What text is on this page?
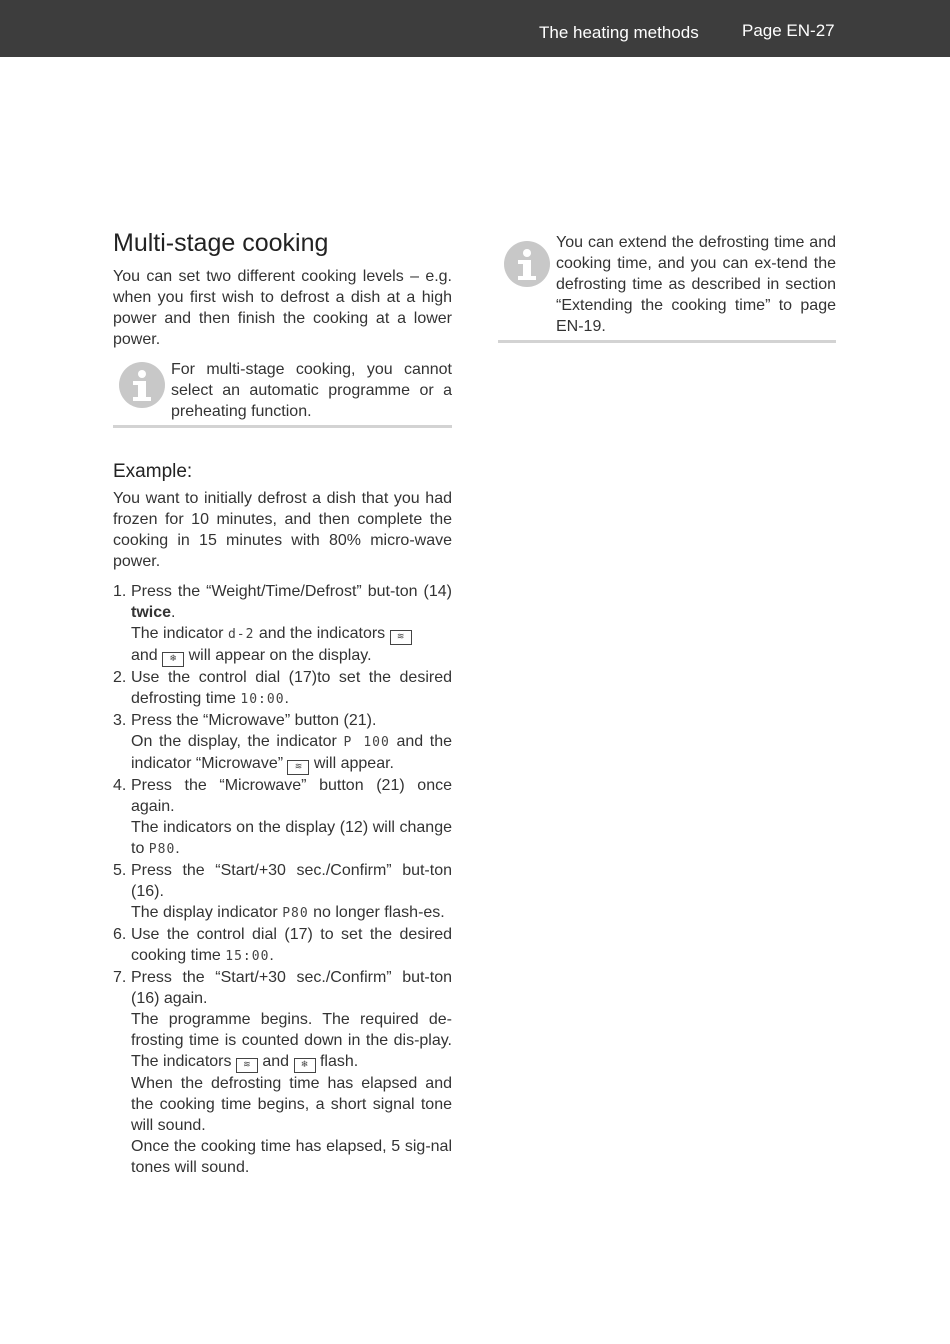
The heating methods	Page EN-27
Multi-stage cooking

You can set two different cooking levels – e.g. when you first wish to defrost a dish at a high power and then finish the cooking at a lower power.

For multi-stage cooking, you cannot select an automatic programme or a preheating function.
Example:

You want to initially defrost a dish that you had frozen for 10 minutes, and then complete the cooking in 15 minutes with 80% micro-wave power.

1. Press the “Weight/Time/Defrost” but-ton (14) twice.
The indicator d-2 and the indicators ≋
and ❄ will appear on the display.
2. Use the control dial (17)to set the desired defrosting time 10:00.
3. Press the “Microwave” button (21).
On the display, the indicator P 100 and the indicator “Microwave” ≋ will appear.
4. Press the “Microwave” button (21) once again.
The indicators on the display (12) will change to P80.
5. Press the “Start/+30 sec./Confirm” but-ton (16).
The display indicator P80 no longer flash-es.
6. Use the control dial (17) to set the desired cooking time 15:00.
7. Press the “Start/+30 sec./Confirm” but-ton (16) again.
The programme begins. The required de-frosting time is counted down in the dis-play. The indicators ≋ and ❄ flash.
When the defrosting time has elapsed and the cooking time begins, a short signal tone will sound.
Once the cooking time has elapsed, 5 sig-nal tones will sound.
You can extend the defrosting time and cooking time, and you can ex-tend the defrosting time as described in section “Extending the cooking time” to page EN-19.
